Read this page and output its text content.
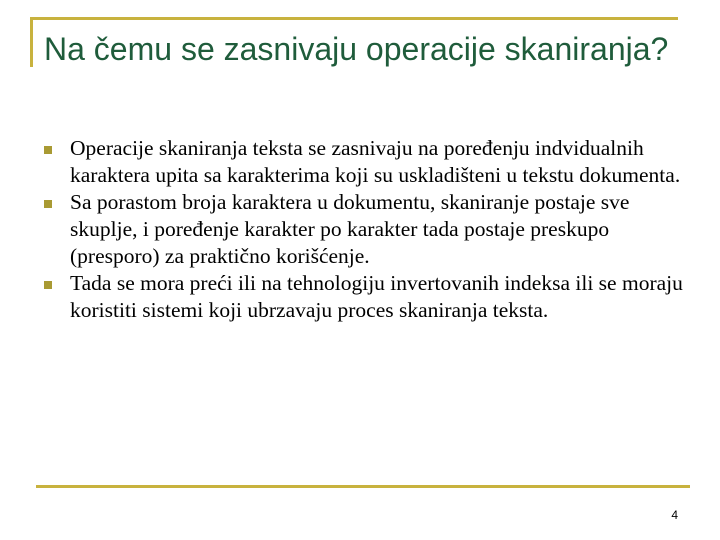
Na čemu se zasnivaju operacije skaniranja?
Operacije skaniranja teksta se zasnivaju na poređenju indvidualnih karaktera upita sa karakterima koji su uskladišteni u tekstu dokumenta.
Sa porastom broja karaktera u dokumentu, skaniranje postaje sve skuplje, i poređenje karakter po karakter tada postaje preskupo (presporo) za praktično korišćenje.
Tada se mora preći ili na tehnologiju invertovanih indeksa ili se moraju koristiti sistemi koji ubrzavaju proces skaniranja teksta.
4
